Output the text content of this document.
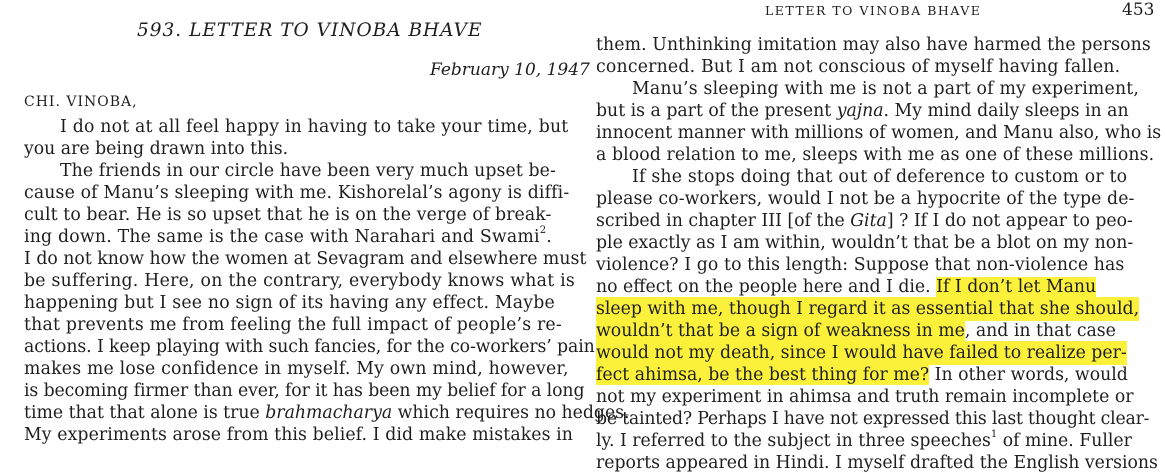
593. LETTER TO VINOBA BHAVE
February 10, 1947
CHI. VINOBA,
I do not at all feel happy in having to take your time, but
you are being drawn into this.
The friends in our circle have been very much upset be-
cause of Manu’s sleeping with me. Kishorelal’s agony is diffi-
cult to bear. He is so upset that he is on the verge of break-
ing down. The same is the case with Narahari and Swami$^2$.
I do not know how the women at Sevagram and elsewhere must
be suffering. Here, on the contrary, everybody knows what is
happening but I see no sign of its having any effect. Maybe
that prevents me from feeling the full impact of people’s re-
actions. I keep playing with such fancies, for the co-workers’ pain
makes me lose confidence in myself. My own mind, however,
is becoming firmer than ever, for it has been my belief for a long
time that that alone is true brahmacharya which requires no hedges.
My experiments arose from this belief. I did make mistakes in
LETTER TO VINOBA BHAVE	453
them. Unthinking imitation may also have harmed the persons
concerned. But I am not conscious of myself having fallen.
Manu’s sleeping with me is not a part of my experiment,
but is a part of the present yajna. My mind daily sleeps in an
innocent manner with millions of women, and Manu also, who is
a blood relation to me, sleeps with me as one of these millions.
If she stops doing that out of deference to custom or to
please co-workers, would I not be a hypocrite of the type de-
scribed in chapter III [of the Gita] ? If I do not appear to peo-
ple exactly as I am within, wouldn’t that be a blot on my non-
violence? I go to this length: Suppose that non-violence has
no effect on the people here and I die. If I don’t let Manu
sleep with me, though I regard it as essential that she should,
wouldn’t that be a sign of weakness in me, and in that case
would not my death, since I would have failed to realize per-
fect ahimsa, be the best thing for me? In other words, would
not my experiment in ahimsa and truth remain incomplete or
be tainted? Perhaps I have not expressed this last thought clear-
ly. I referred to the subject in three speeches$^1$ of mine. Fuller
reports appeared in Hindi. I myself drafted the English versions
